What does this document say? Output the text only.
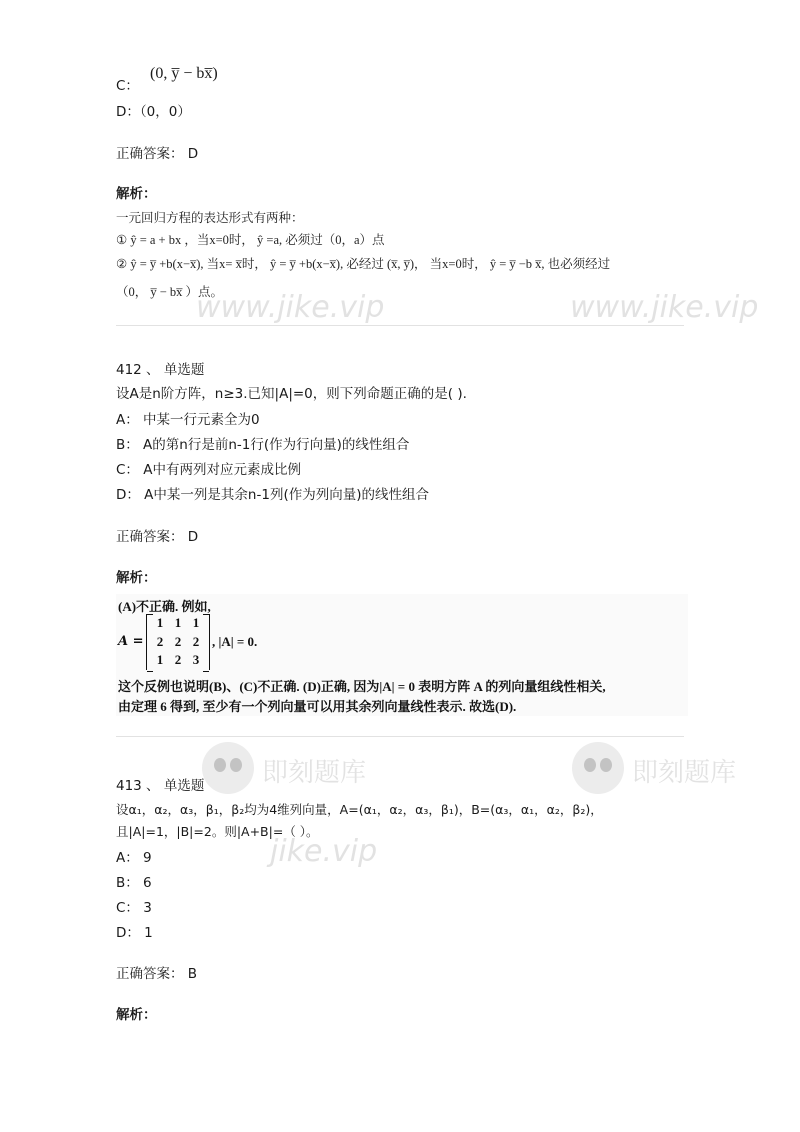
C：
(0, y̅ − bx̅)
D：（0，0）
正确答案： D
解析：
一元回归方程的表达形式有两种：
① ŷ = a + bx ，当x=0时， ŷ =a, 必须过（0，a）点
② ŷ = y̅ +b(x−x̅), 当x= x̅时， ŷ = y̅ +b(x−x̅), 必经过 (x̅, y̅)， 当x=0时， ŷ = y̅ −b x̅, 也必须经过
（0， y̅ − bx̅ ）点。
www.jike.vip	www.jike.vip
412 、 单选题
设A是n阶方阵，n≥3.已知|A|=0，则下列命题正确的是( ).
A： 中某一行元素全为0
B： A的第n行是前n-1行(作为行向量)的线性组合
C： A中有两列对应元素成比例
D： A中某一列是其余n-1列(作为列向量)的线性组合
正确答案： D
解析：
(A)不正确. 例如,
A =
1 1 1
2 2 2
1 2 3
, |A| = 0.
这个反例也说明(B)、(C)不正确. (D)正确, 因为|A| = 0 表明方阵 A 的列向量组线性相关,
由定理 6 得到, 至少有一个列向量可以用其余列向量线性表示. 故选(D).
即刻题库	即刻题库
413 、 单选题
设α₁，α₂，α₃，β₁，β₂均为4维列向量，A=(α₁，α₂，α₃，β₁)，B=(α₃，α₁，α₂，β₂)，
且|A|=1，|B|=2。则|A+B|=（ ）。
jike.vip
A： 9
B： 6
C： 3
D： 1
正确答案： B
解析：
